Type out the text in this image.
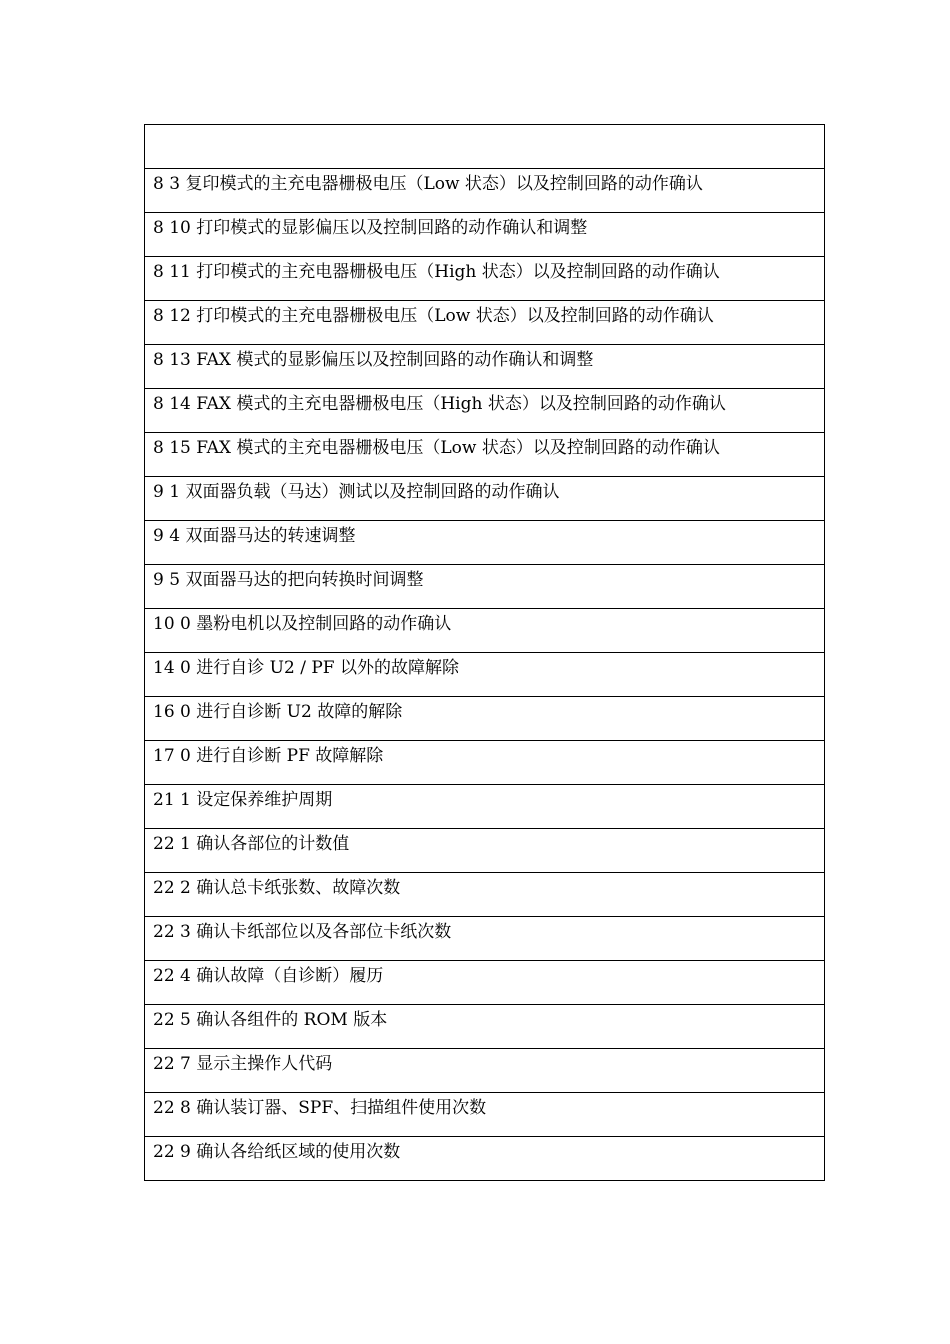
8 3 复印模式的主充电器栅极电压（Low 状态）以及控制回路的动作确认

8 10 打印模式的显影偏压以及控制回路的动作确认和调整

8 11 打印模式的主充电器栅极电压（High 状态）以及控制回路的动作确认

8 12 打印模式的主充电器栅极电压（Low 状态）以及控制回路的动作确认

8 13 FAX 模式的显影偏压以及控制回路的动作确认和调整

8 14 FAX 模式的主充电器栅极电压（High 状态）以及控制回路的动作确认

8 15 FAX 模式的主充电器栅极电压（Low 状态）以及控制回路的动作确认

9 1 双面器负载（马达）测试以及控制回路的动作确认

9 4 双面器马达的转速调整

9 5 双面器马达的把向转换时间调整

10 0 墨粉电机以及控制回路的动作确认

14 0 进行自诊 U2 / PF 以外的故障解除

16 0 进行自诊断 U2 故障的解除

17 0 进行自诊断 PF 故障解除

21 1 设定保养维护周期

22 1 确认各部位的计数值

22 2 确认总卡纸张数、故障次数

22 3 确认卡纸部位以及各部位卡纸次数

22 4 确认故障（自诊断）履历

22 5 确认各组件的 ROM 版本

22 7 显示主操作人代码

22 8 确认装订器、SPF、扫描组件使用次数

22 9 确认各给纸区域的使用次数
